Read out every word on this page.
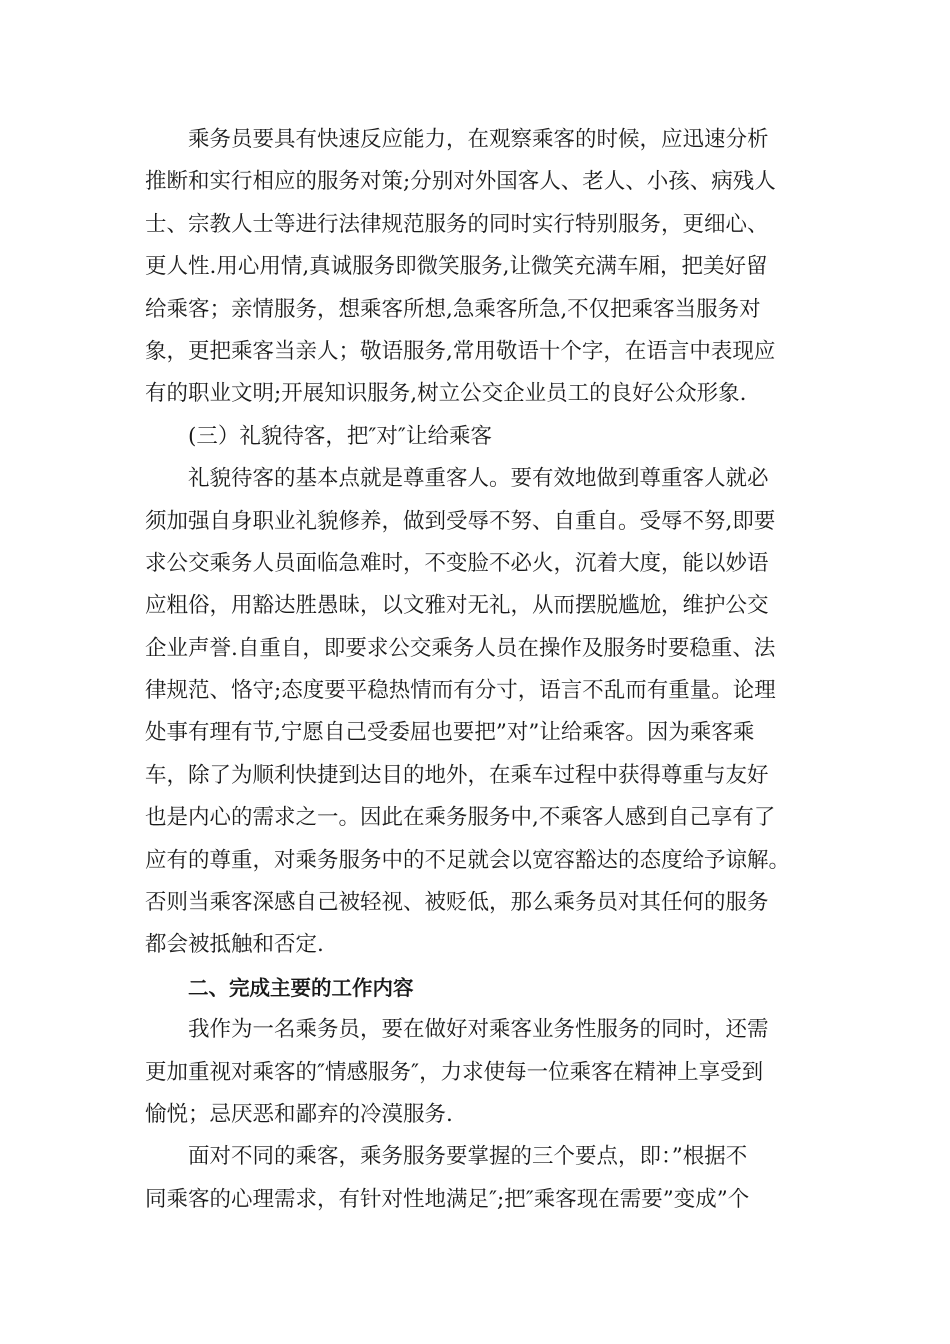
乘务员要具有快速反应能力，在观察乘客的时候，应迅速分析
推断和实行相应的服务对策;分别对外国客人、老人、小孩、病残人
士、宗教人士等进行法律规范服务的同时实行特别服务，更细心、
更人性.用心用情,真诚服务即微笑服务,让微笑充满车厢，把美好留
给乘客；亲情服务，想乘客所想,急乘客所急,不仅把乘客当服务对
象，更把乘客当亲人；敬语服务,常用敬语十个字，在语言中表现应
有的职业文明;开展知识服务,树立公交企业员工的良好公众形象.
(三）礼貌待客，把″对″让给乘客
礼貌待客的基本点就是尊重客人。要有效地做到尊重客人就必
须加强自身职业礼貌修养，做到受辱不努、自重自。受辱不努,即要
求公交乘务人员面临急难时，不变脸不必火，沉着大度，能以妙语
应粗俗，用豁达胜愚昧，以文雅对无礼，从而摆脱尴尬，维护公交
企业声誉.自重自，即要求公交乘务人员在操作及服务时要稳重、法
律规范、恪守;态度要平稳热情而有分寸，语言不乱而有重量。论理
处事有理有节,宁愿自己受委屈也要把”对”让给乘客。因为乘客乘
车，除了为顺利快捷到达目的地外，在乘车过程中获得尊重与友好
也是内心的需求之一。因此在乘务服务中,不乘客人感到自己享有了
应有的尊重，对乘务服务中的不足就会以宽容豁达的态度给予谅解。
否则当乘客深感自己被轻视、被贬低，那么乘务员对其任何的服务
都会被抵触和否定.
二、完成主要的工作内容
我作为一名乘务员，要在做好对乘客业务性服务的同时，还需
更加重视对乘客的″情感服务″，力求使每一位乘客在精神上享受到
愉悦；忌厌恶和鄙弃的冷漠服务.
面对不同的乘客，乘务服务要掌握的三个要点，即：”根据不
同乘客的心理需求，有针对性地满足″;把″乘客现在需要”变成”个
